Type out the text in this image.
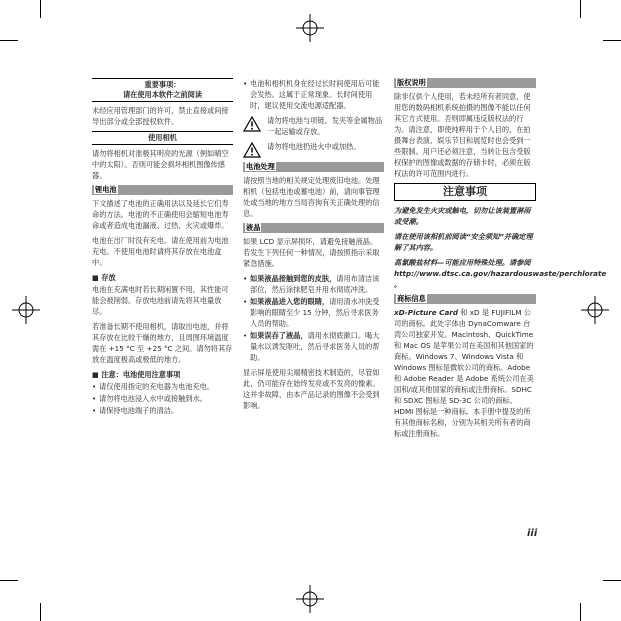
重要事项：
请在使用本软件之前阅读

未经应用管理部门的许可，禁止直接或间接导出部分或全部授权软件。

使用相机

请勿将相机对准极其明亮的光源（例如晴空中的太阳）。否则可能会损坏相机图像传感器。

锂电池

下文描述了电池的正确用法以及延长它们寿命的方法。电池的不正确使用会缩短电池寿命或者造成电池漏液、过热、火灾或爆炸。

电池在出厂时没有充电。请在使用前为电池充电。不使用电池时请将其存放在电池盒中。

■ 存放

电池在充满电时若长期闲置不用，其性能可能会被削弱。存放电池前请先将其电量放尽。

若准备长期不使用相机，请取出电池，并将其存放在比较干燥的地方，且周围环境温度需在 +15 °C 至 +25 °C 之间。请勿将其存放在温度极高或极低的地方。

■ 注意：电池使用注意事项
• 请仅使用指定的充电器为电池充电。
• 请勿将电池浸入水中或接触到水。
• 请保持电池端子的清洁。
• 电池和相机机身在经过长时间使用后可能会发热。这属于正常现象。长时间使用时，建议使用交流电源适配器。
请勿将电池与项链、发夹等金属物品一起运输或存放。
请勿将电池扔进火中或加热。
电池处理

请按照当地的相关规定处理废旧电池。处理相机（包括电池或蓄电池）前，请向事管理处或当地的地方当局咨询有关正确处理的信息。

液晶

如果 LCD 显示屏损坏，请避免接触液晶。若发生下列任何一种情况，请按照指示采取紧急措施。

• 如果液晶接触到您的皮肤，请用布清洁该部位，然后涂抹肥皂并用水彻底冲洗。
• 如果液晶进入您的眼睛，请用清水冲洗受影响的眼睛至少 15 分钟，然后寻求医务人员的帮助。
• 如果误吞了液晶，请用水彻底漱口。喝大量水以诱发呕吐，然后寻求医务人员的帮助。

显示屏是使用尖端精密技术制造的，尽管如此，仍可能存在始终发亮或不发亮的像素。这并非故障，由本产品记录的图像不会受到影响。

版权说明

除非仅供个人使用，若未经所有者同意，使用您的数码相机系统拍摄的图像不能以任何其它方式使用。否则即属违反版权法的行为。请注意，即使纯粹用于个人目的，在拍摄舞台表演、娱乐节目和展览时也会受到一些限制。用户还必须注意，当转让包含受版权保护的图像或数据的存储卡时，必须在版权法的许可范围内进行。

注意事项

为避免发生火灾或触电，切勿让该装置淋雨或受潮。

请在使用该相机前阅读“安全须知”并确定理解了其内容。

高氯酸盐材料—可能应用特殊处理。请参阅 http://www.dtsc.ca.gov/hazardouswaste/perchlorate 。

商标信息

xD-Picture Card 和 xD 是 FUJIFILM 公司的商标。此处字体由 DynaComware 台湾公司独家开发。Macintosh、QuickTime 和 Mac OS 是苹果公司在美国和其他国家的商标。Windows 7、Windows Vista 和 Windows 图标是微软公司的商标。Adobe 和 Adobe Reader 是 Adobe 系统公司在美国和/或其他国家的商标或注册商标。SDHC 和 SDXC 图标是 SD-3C 公司的商标。HDMI 图标是一种商标。本手册中提及的所有其他商标名称，分别为其相关所有者的商标或注册商标。

iii
